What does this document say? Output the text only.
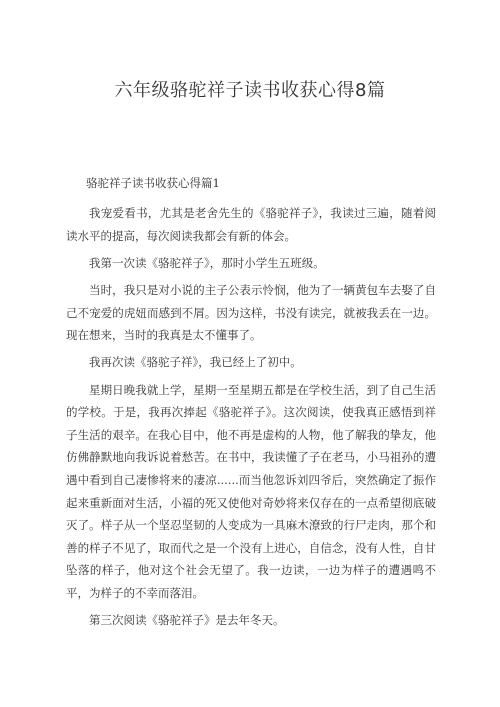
六年级骆驼祥子读书收获心得8篇
骆驼祥子读书收获心得篇1

我宠爱看书，尤其是老舍先生的《骆驼祥子》，我读过三遍，随着阅读水平的提高，每次阅读我都会有新的体会。

我第一次读《骆驼祥子》，那时小学生五班级。

当时，我只是对小说的主子公表示怜悯，他为了一辆黄包车去娶了自己不宠爱的虎妞而感到不屑。因为这样，书没有读完，就被我丢在一边。现在想来，当时的我真是太不懂事了。

我再次读《骆驼子祥》，我已经上了初中。

星期日晚我就上学，星期一至星期五都是在学校生活，到了自己生活的学校。于是，我再次捧起《骆驼祥子》。这次阅读，使我真正感悟到祥子生活的艰辛。在我心目中，他不再是虚构的人物，他了解我的挚友，他仿佛静默地向我诉说着愁苦。在书中，我读懂了子在老马，小马祖孙的遭遇中看到自己凄惨将来的凄凉......而当他忽诉刘四爷后，突然确定了振作起来重新面对生活，小福的死又使他对奇妙将来仅存在的一点希望彻底破灭了。样子从一个坚忍坚韧的人变成为一具麻木潦致的行尸走肉，那个和善的样子不见了，取而代之是一个没有上进心，自信念，没有人性，自甘坠落的样子，他对这个社会无望了。我一边读，一边为样子的遭遇鸣不平，为样子的不幸而落泪。

第三次阅读《骆驼祥子》是去年冬天。
